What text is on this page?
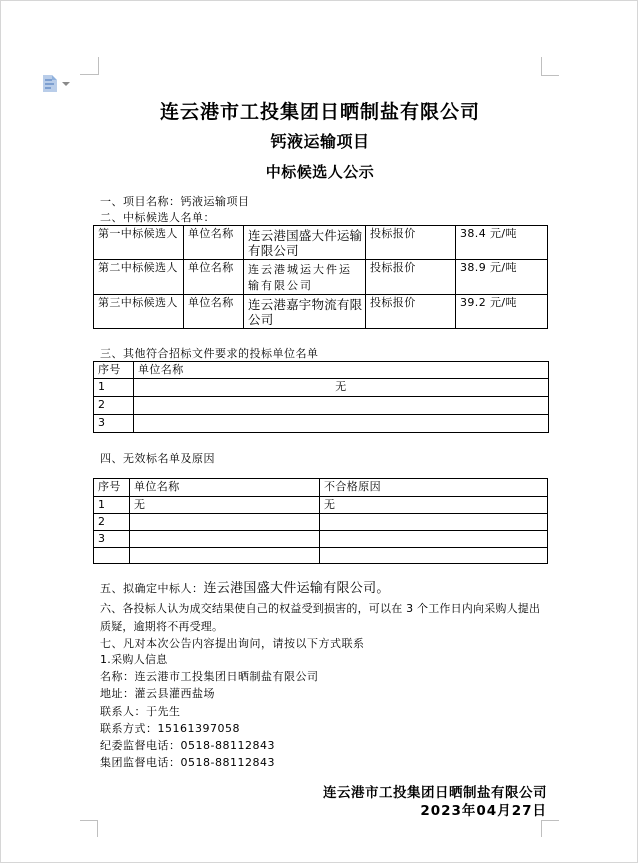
连云港市工投集团日晒制盐有限公司
钙液运输项目
中标候选人公示
一、项目名称：钙液运输项目
二、中标候选人名单：
第一中标候选人	单位名称	连云港国盛大件运输有限公司	投标报价	38.4 元/吨
第二中标候选人	单位名称	连云港城运大件运输有限公司	投标报价	38.9 元/吨
第三中标候选人	单位名称	连云港嘉宇物流有限公司	投标报价	39.2 元/吨
三、其他符合招标文件要求的投标单位名单
序号	单位名称
1	无
2	
3	
四、无效标名单及原因
序号	单位名称	不合格原因
1	无	无
2		
3		

五、拟确定中标人：连云港国盛大件运输有限公司。
六、各投标人认为成交结果使自己的权益受到损害的，可以在 3 个工作日内向采购人提出质疑，逾期将不再受理。
七、凡对本次公告内容提出询问，请按以下方式联系
1.采购人信息

名称：连云港市工投集团日晒制盐有限公司

地址：灌云县灌西盐场

联系人：于先生

联系方式：15161397058

纪委监督电话：0518-88112843

集团监督电话：0518-88112843

连云港市工投集团日晒制盐有限公司
2023年04月27日
